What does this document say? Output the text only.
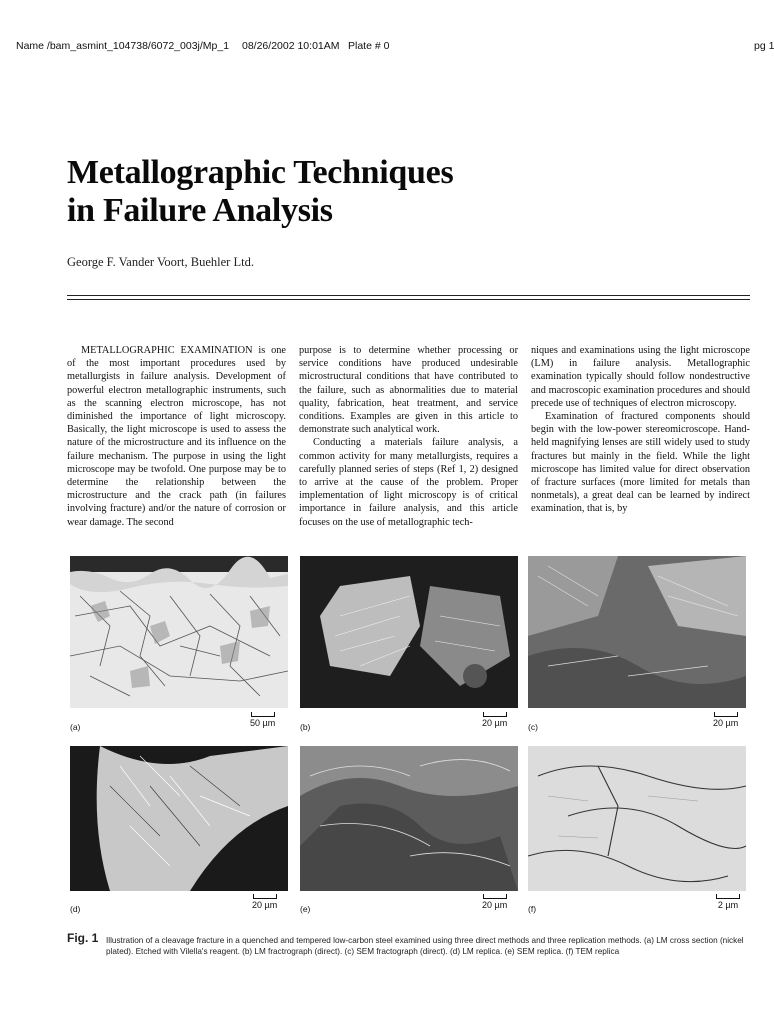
Name /bam_asmint_104738/6072_003j/Mp_1 08/26/2002 10:01AM Plate # 0	pg 1
Metallographic Techniques
in Failure Analysis
George F. Vander Voort, Buehler Ltd.

METALLOGRAPHIC EXAMINATION is one of the most important procedures used by metallurgists in failure analysis. Development of powerful electron metallographic instruments, such as the scanning electron microscope, has not diminished the importance of light microscopy. Basically, the light microscope is used to assess the nature of the microstructure and its influence on the failure mechanism. The purpose in using the light microscope may be twofold. One purpose may be to determine the relationship between the microstructure and the crack path (in failures involving fracture) and/or the nature of corrosion or wear damage. The second

purpose is to determine whether processing or service conditions have produced undesirable microstructural conditions that have contributed to the failure, such as abnormalities due to material quality, fabrication, heat treatment, and service conditions. Examples are given in this article to demonstrate such analytical work.

Conducting a materials failure analysis, a common activity for many metallurgists, requires a carefully planned series of steps (Ref 1, 2) designed to arrive at the cause of the problem. Proper implementation of light microscopy is of critical importance in failure analysis, and this article focuses on the use of metallographic tech-

niques and examinations using the light microscope (LM) in failure analysis. Metallographic examination typically should follow nondestructive and macroscopic examination procedures and should precede use of techniques of electron microscopy.

Examination of fractured components should begin with the low-power stereomicroscope. Hand-held magnifying lenses are still widely used to study fractures but mainly in the field. While the light microscope has limited value for direct observation of fracture surfaces (more limited for metals than nonmetals), a great deal can be learned by indirect examination, that is, by

(a)	50 µm	(b)	20 µm (c)	20 µm
(d)	20 µm	(e)	20 µm (f)	2 µm
Fig. 1 Illustration of a cleavage fracture in a quenched and tempered low-carbon steel examined using three direct methods and three replication methods. (a) LM cross section (nickel plated). Etched with Vilella's reagent. (b) LM fractrograph (direct). (c) SEM fractograph (direct). (d) LM replica. (e) SEM replica. (f) TEM replica
